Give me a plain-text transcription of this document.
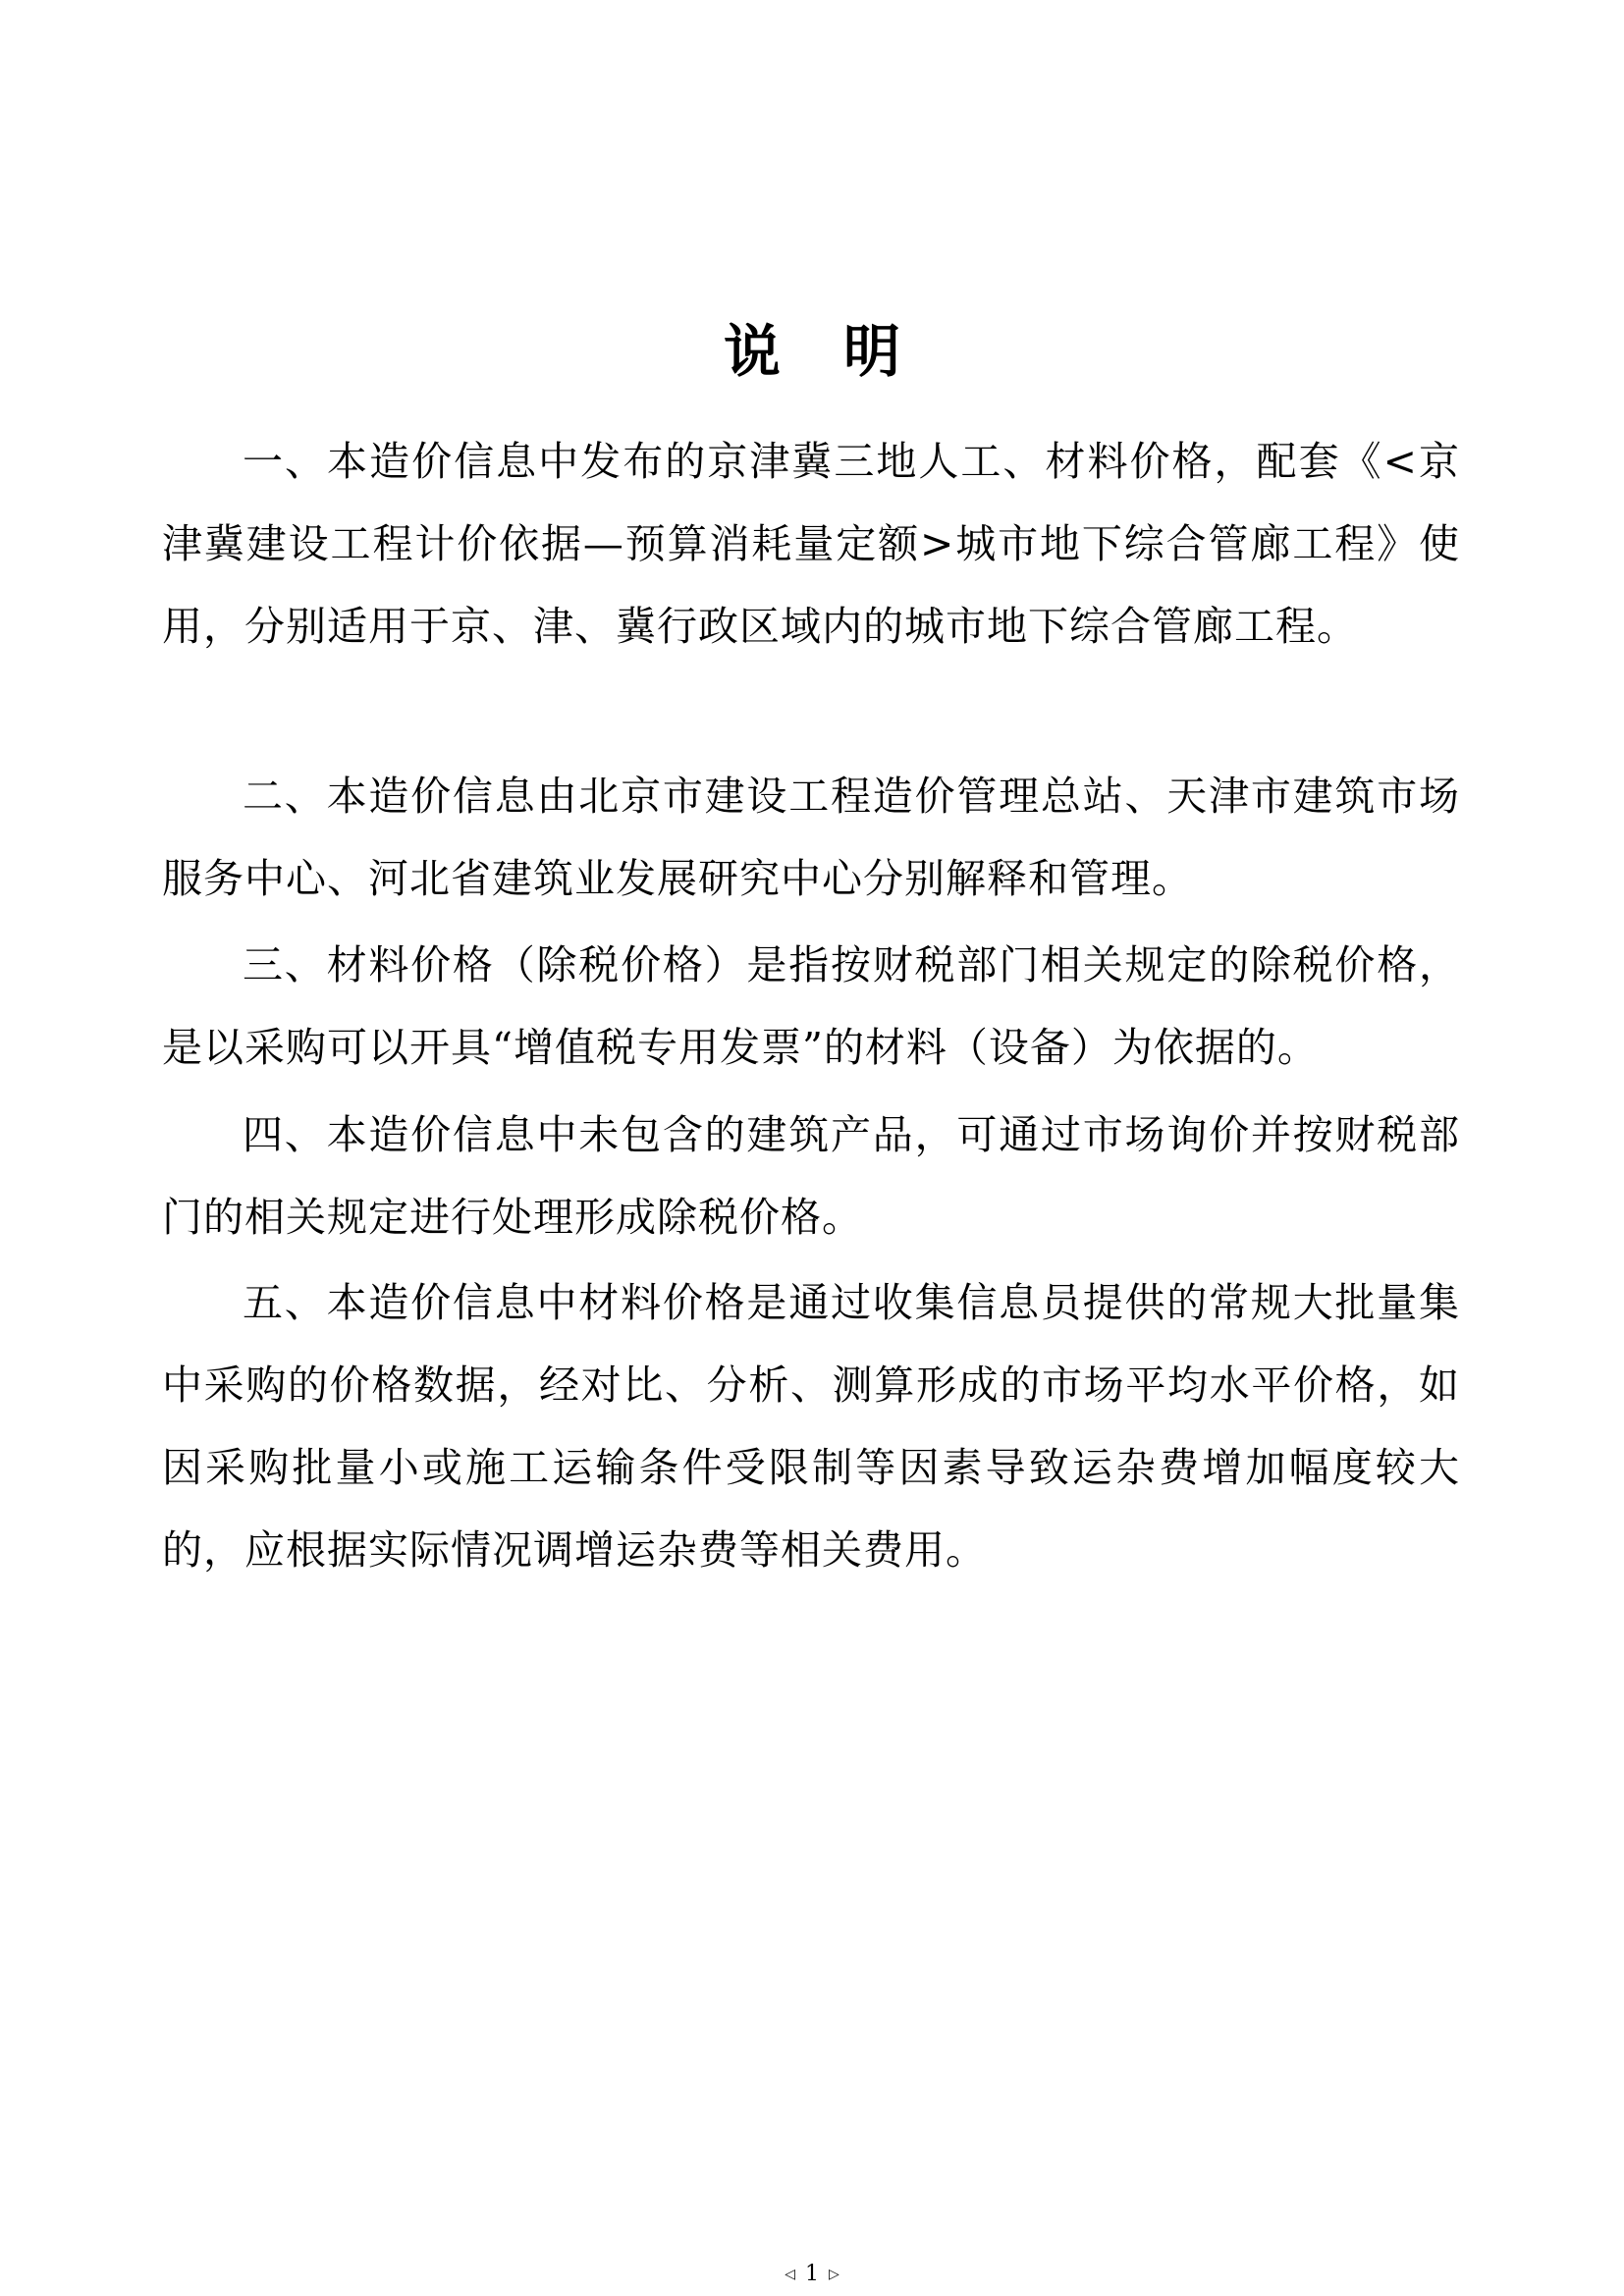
说明

一、本造价信息中发布的京津冀三地人工、材料价格，配套《<京津冀建设工程计价依据—预算消耗量定额>城市地下综合管廊工程》使用，分别适用于京、津、冀行政区域内的城市地下综合管廊工程。

二、本造价信息由北京市建设工程造价管理总站、天津市建筑市场服务中心、河北省建筑业发展研究中心分别解释和管理。

三、材料价格（除税价格）是指按财税部门相关规定的除税价格，是以采购可以开具“增值税专用发票”的材料（设备）为依据的。

四、本造价信息中未包含的建筑产品，可通过市场询价并按财税部门的相关规定进行处理形成除税价格。

五、本造价信息中材料价格是通过收集信息员提供的常规大批量集中采购的价格数据，经对比、分析、测算形成的市场平均水平价格，如因采购批量小或施工运输条件受限制等因素导致运杂费增加幅度较大的，应根据实际情况调增运杂费等相关费用。

◁ 1 ▷
